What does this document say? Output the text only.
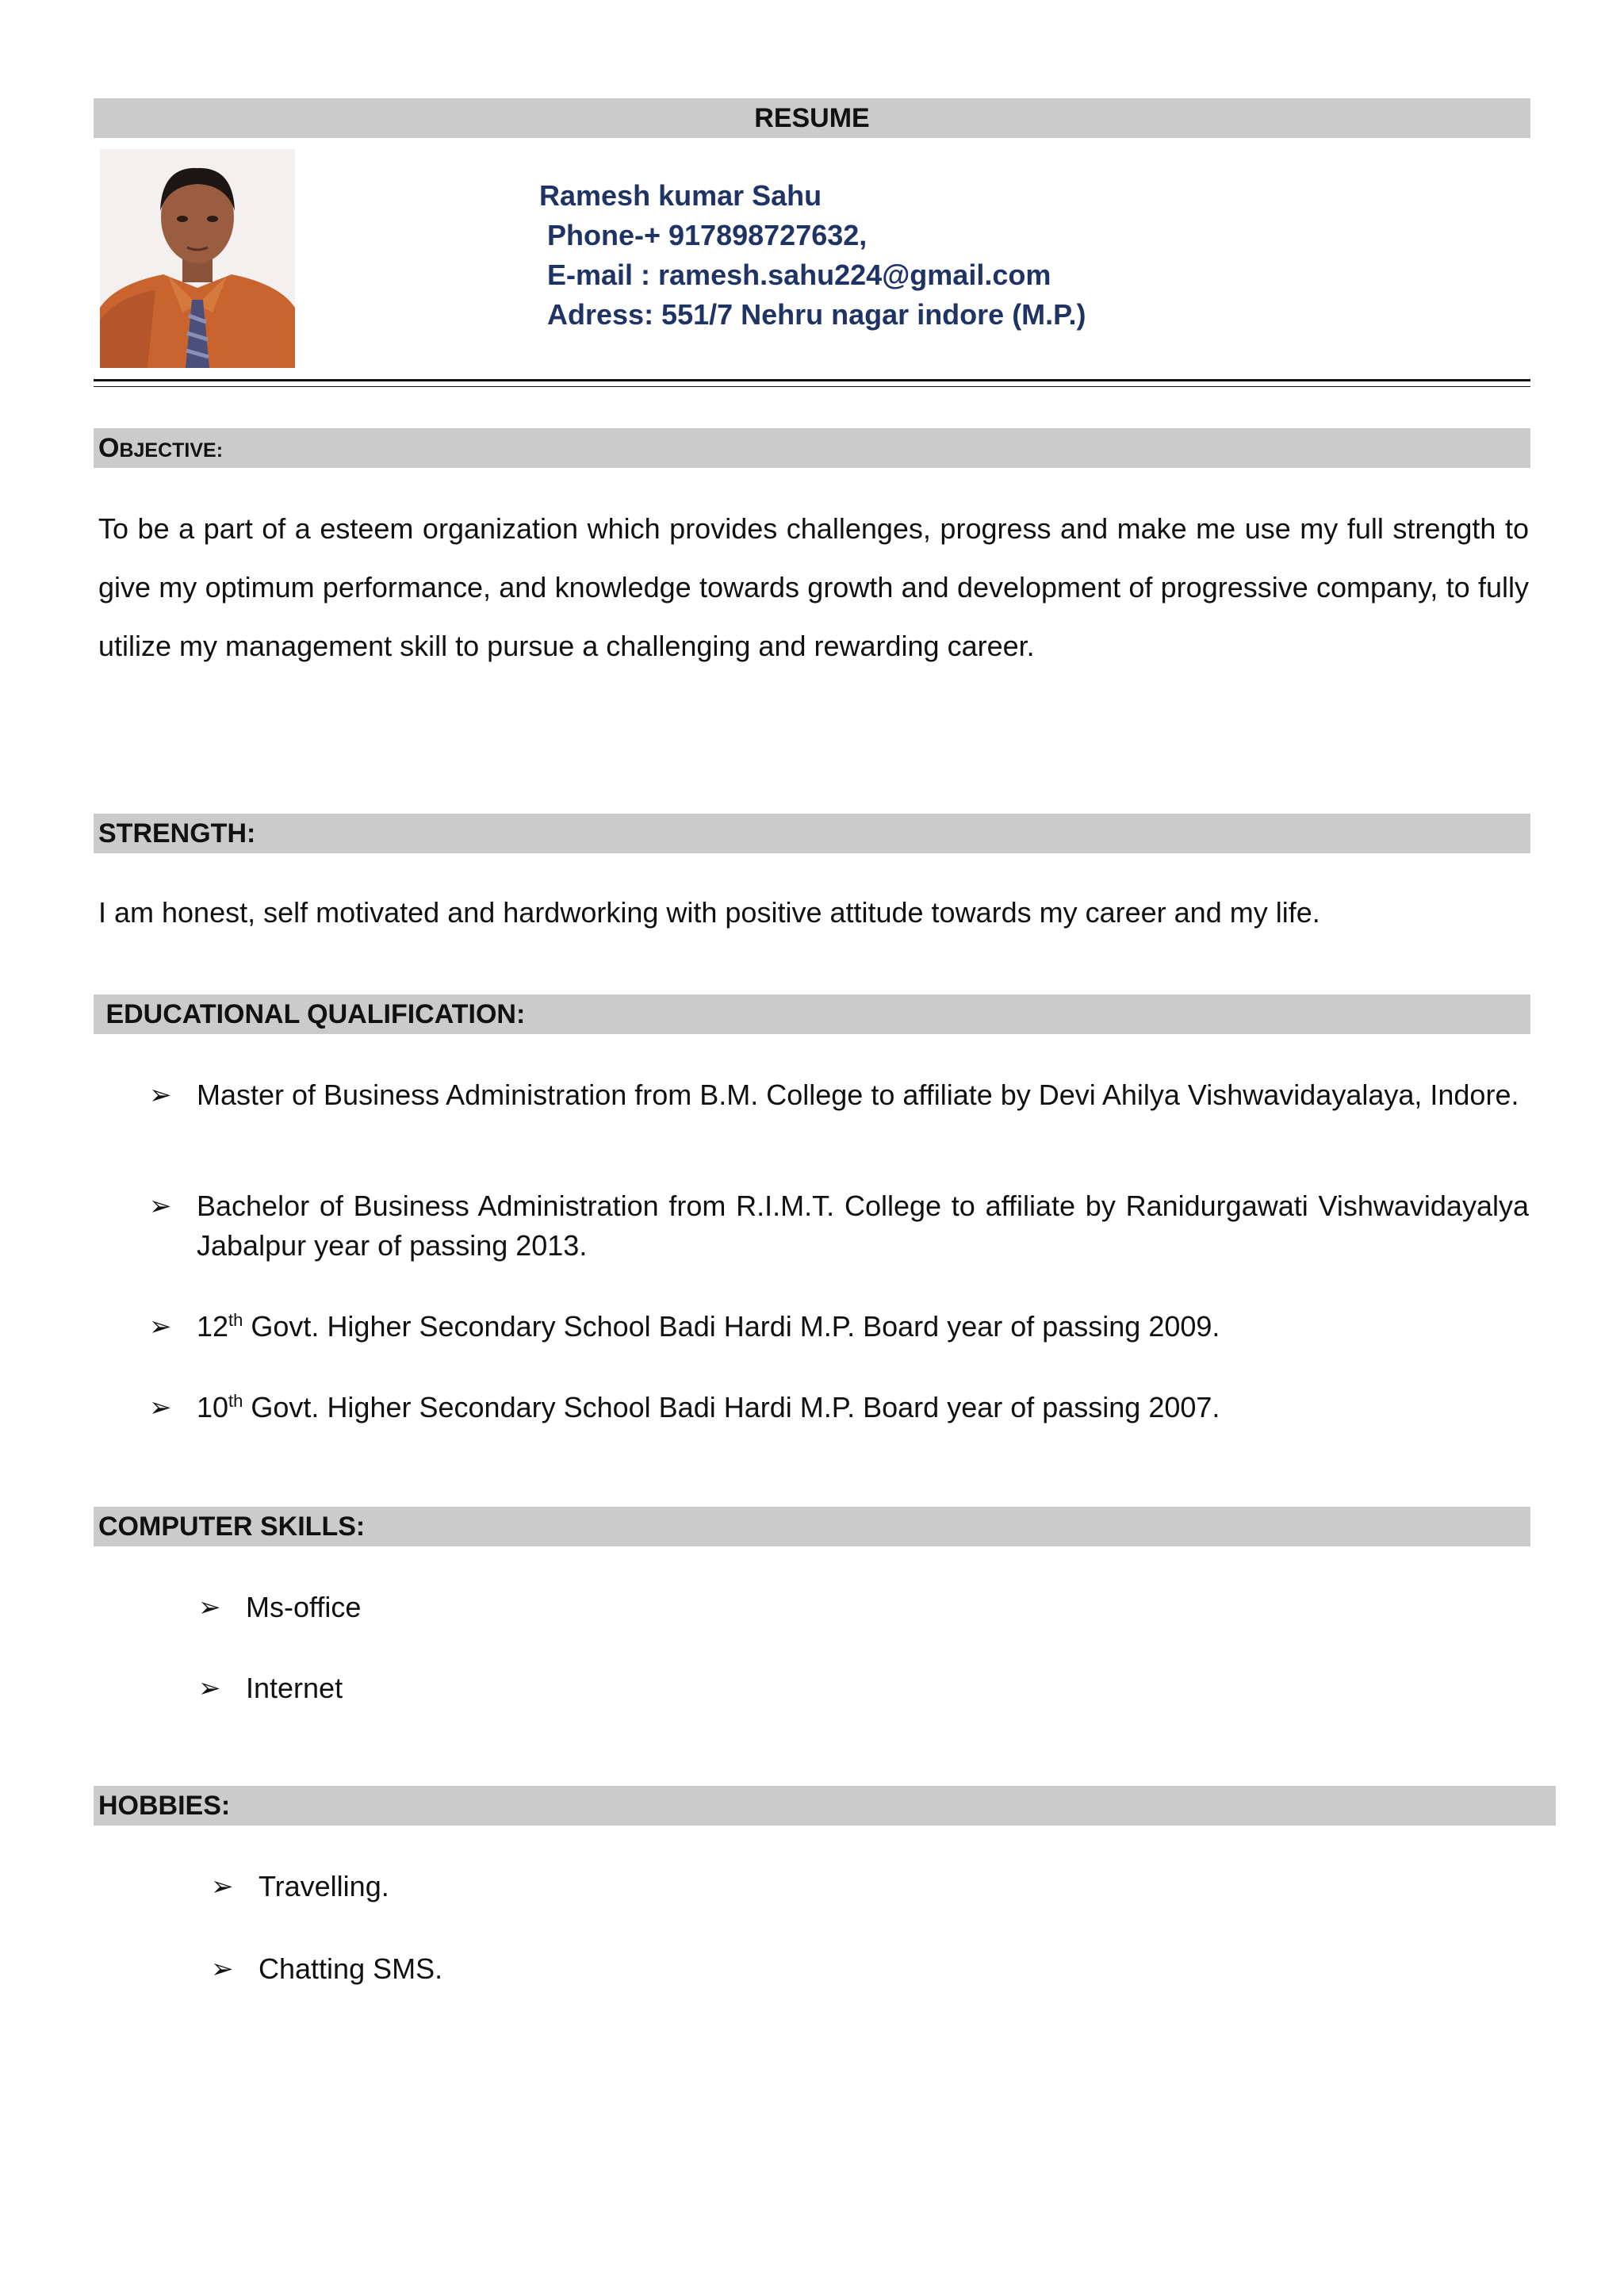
RESUME
Ramesh kumar Sahu
Phone-+ 917898727632,
E-mail : ramesh.sahu224@gmail.com
Adress: 551/7 Nehru nagar indore (M.P.)
OBJECTIVE:
To be a part of a esteem organization which provides challenges, progress and make me use my full strength to give my optimum performance, and knowledge towards growth and development of progressive company, to fully utilize my management skill to pursue a challenging and rewarding career.
STRENGTH:
I am honest, self motivated and hardworking with positive attitude towards my career and my life.
EDUCATIONAL QUALIFICATION:
➢ Master of Business Administration from B.M. College to affiliate by Devi Ahilya Vishwavidayalaya, Indore.
➢ Bachelor of Business Administration from R.I.M.T. College to affiliate by Ranidurgawati Vishwavidayalya Jabalpur year of passing 2013.
➢ 12th Govt. Higher Secondary School Badi Hardi M.P. Board year of passing 2009.
➢ 10th Govt. Higher Secondary School Badi Hardi M.P. Board year of passing 2007.
COMPUTER SKILLS:
➢ Ms-office
➢ Internet
HOBBIES:
➢ Travelling.
➢ Chatting SMS.
